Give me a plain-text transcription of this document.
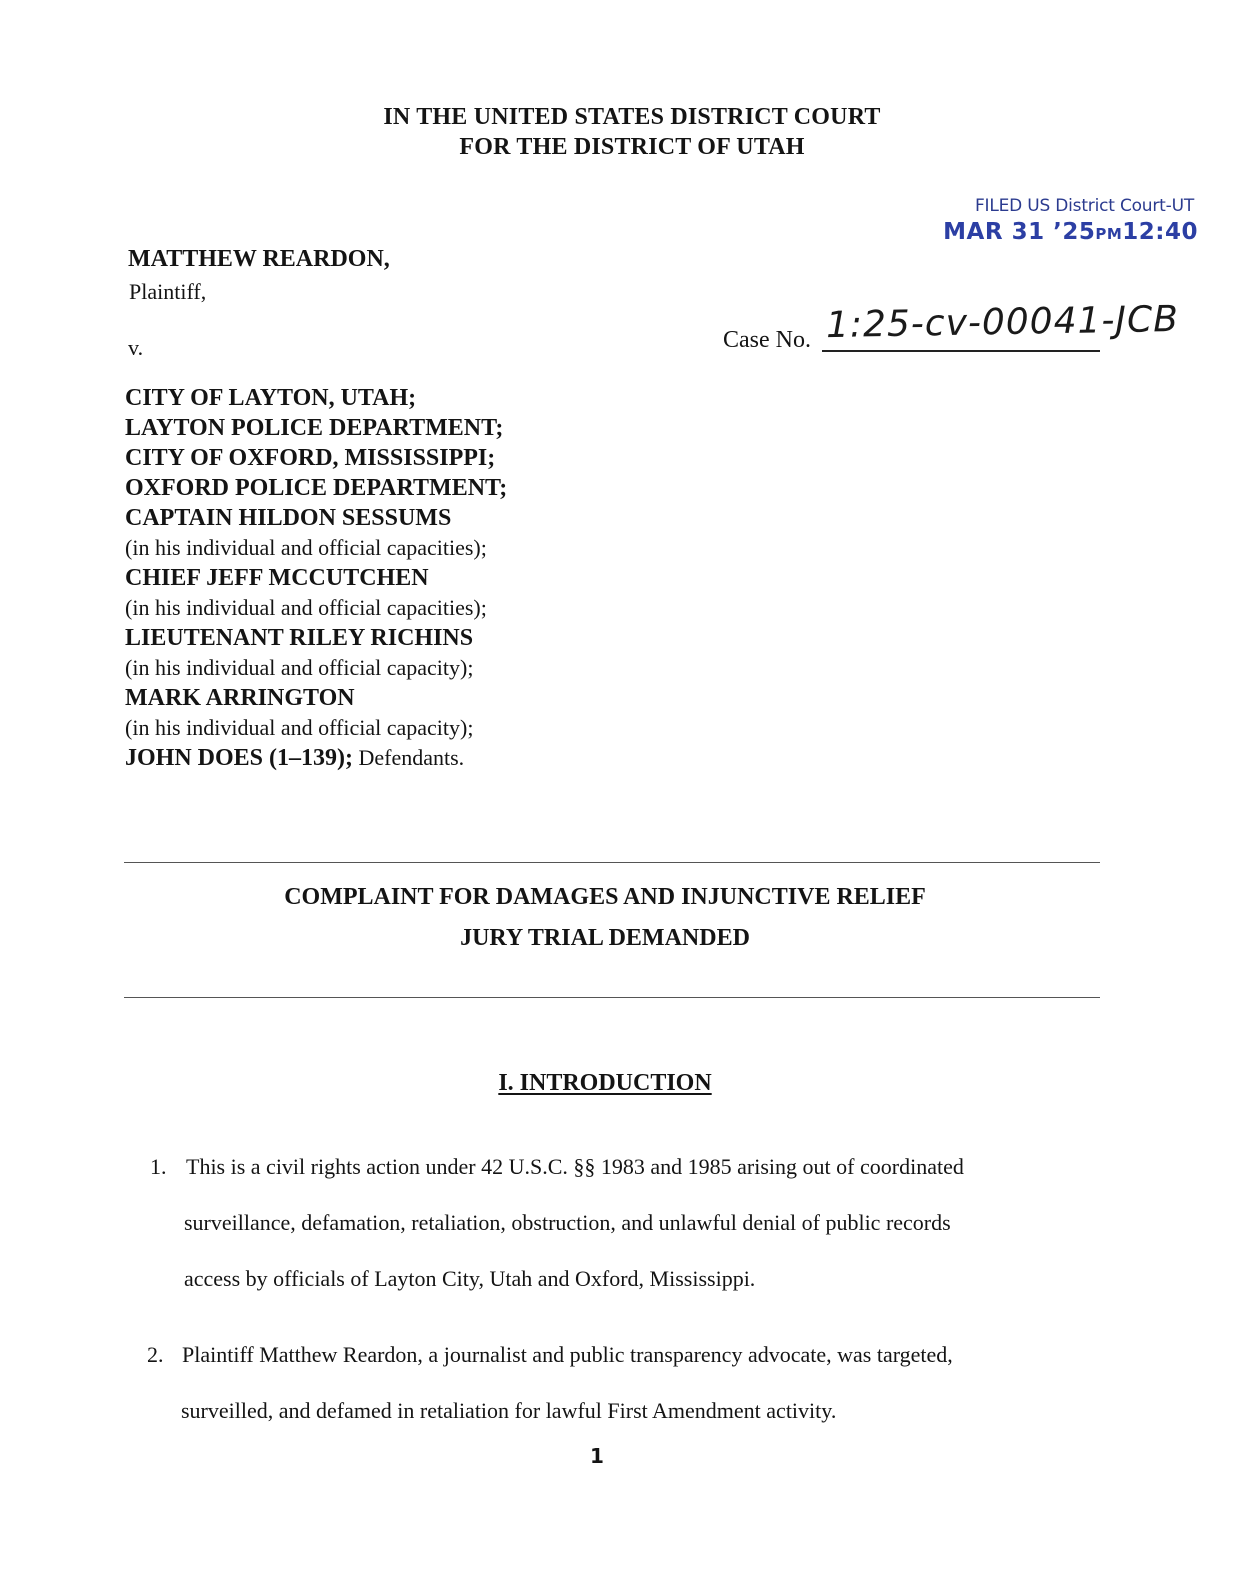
IN THE UNITED STATES DISTRICT COURT
FOR THE DISTRICT OF UTAH
FILED US District Court-UT
MAR 31 ’25PM12:40
MATTHEW REARDON,
Plaintiff,
v.	Case No. 1:25-cv-00041-JCB
CITY OF LAYTON, UTAH;
LAYTON POLICE DEPARTMENT;
CITY OF OXFORD, MISSISSIPPI;
OXFORD POLICE DEPARTMENT;
CAPTAIN HILDON SESSUMS
(in his individual and official capacities);
CHIEF JEFF MCCUTCHEN
(in his individual and official capacities);
LIEUTENANT RILEY RICHINS
(in his individual and official capacity);
MARK ARRINGTON
(in his individual and official capacity);
JOHN DOES (1–139); Defendants.
COMPLAINT FOR DAMAGES AND INJUNCTIVE RELIEF
JURY TRIAL DEMANDED
I. INTRODUCTION
1. This is a civil rights action under 42 U.S.C. §§ 1983 and 1985 arising out of coordinated
surveillance, defamation, retaliation, obstruction, and unlawful denial of public records
access by officials of Layton City, Utah and Oxford, Mississippi.
2. Plaintiff Matthew Reardon, a journalist and public transparency advocate, was targeted,
surveilled, and defamed in retaliation for lawful First Amendment activity.
1
